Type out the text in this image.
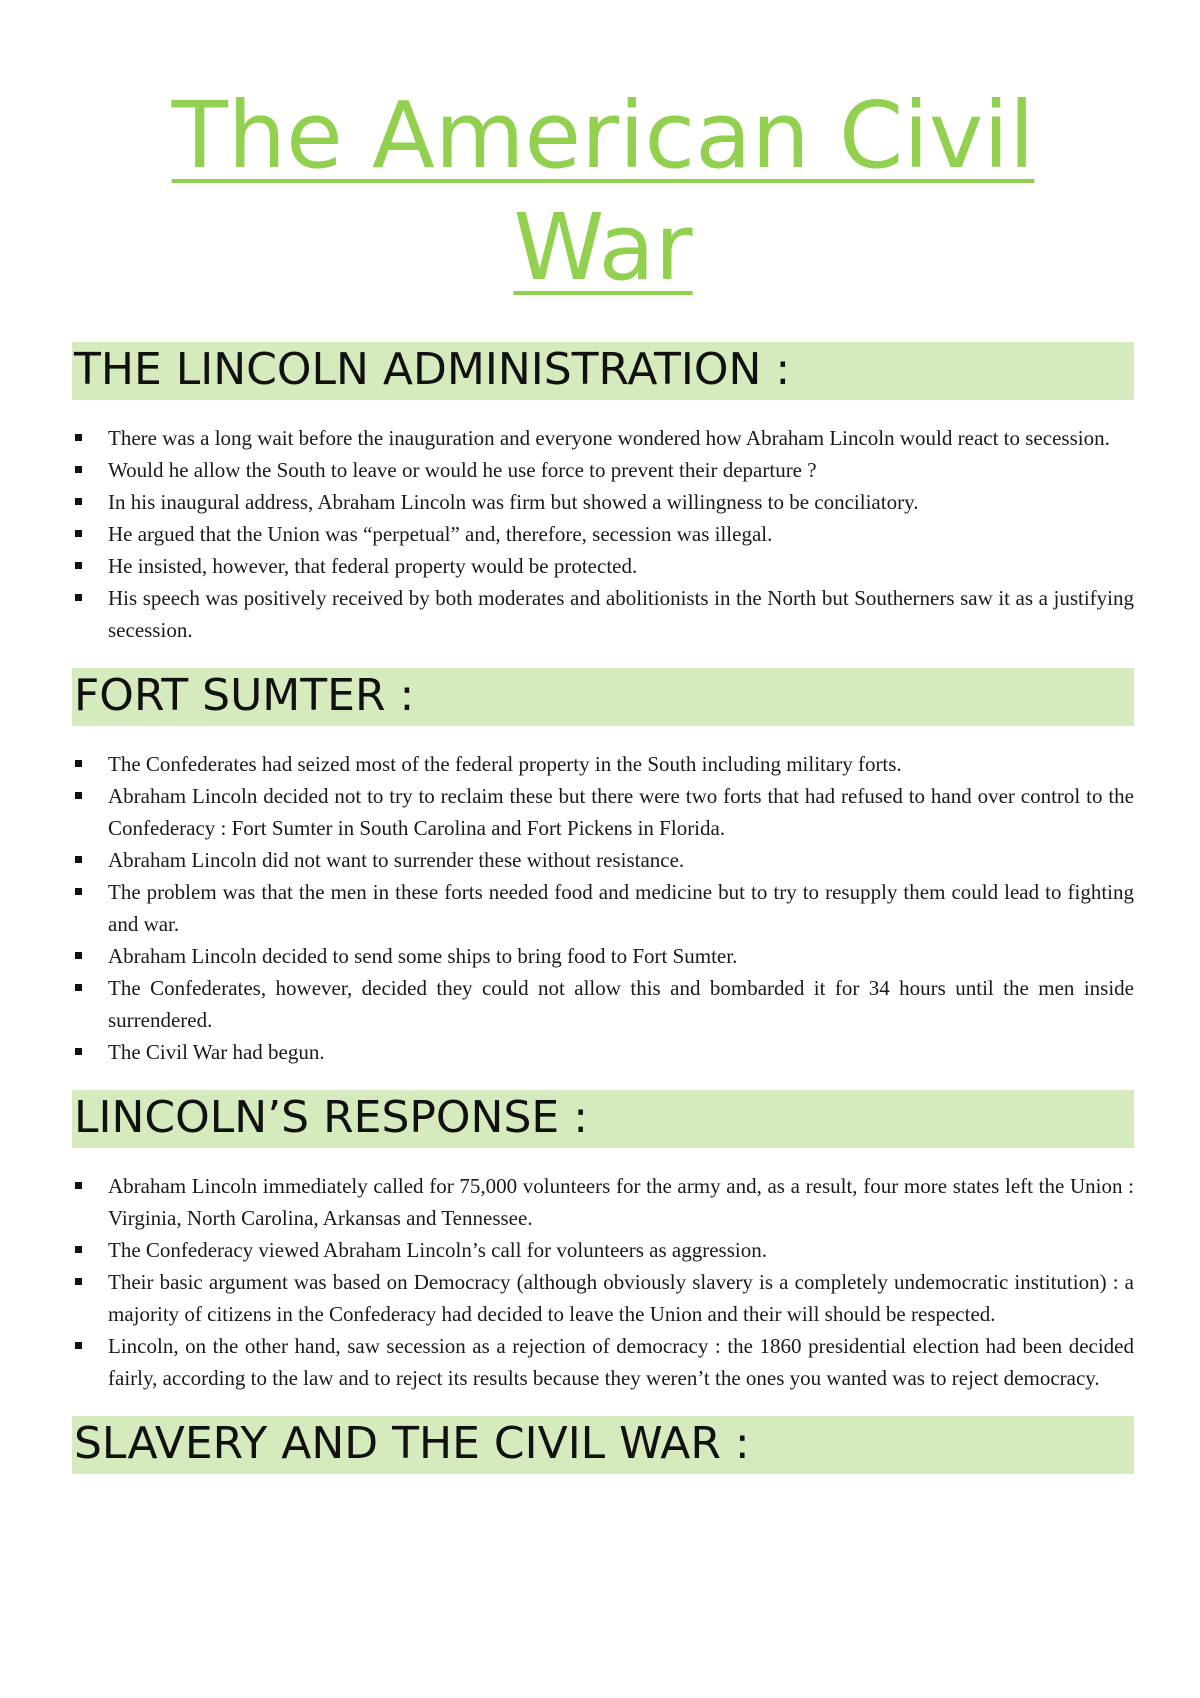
The American Civil War
THE LINCOLN ADMINISTRATION :
There was a long wait before the inauguration and everyone wondered how Abraham Lincoln would react to secession.
Would he allow the South to leave or would he use force to prevent their departure ?
In his inaugural address, Abraham Lincoln was firm but showed a willingness to be conciliatory.
He argued that the Union was “perpetual” and, therefore, secession was illegal.
He insisted, however, that federal property would be protected.
His speech was positively received by both moderates and abolitionists in the North but Southerners saw it as a justifying secession.
FORT SUMTER :
The Confederates had seized most of the federal property in the South including military forts.
Abraham Lincoln decided not to try to reclaim these but there were two forts that had refused to hand over control to the Confederacy : Fort Sumter in South Carolina and Fort Pickens in Florida.
Abraham Lincoln did not want to surrender these without resistance.
The problem was that the men in these forts needed food and medicine but to try to resupply them could lead to fighting and war.
Abraham Lincoln decided to send some ships to bring food to Fort Sumter.
The Confederates, however, decided they could not allow this and bombarded it for 34 hours until the men inside surrendered.
The Civil War had begun.
LINCOLN’S RESPONSE :
Abraham Lincoln immediately called for 75,000 volunteers for the army and, as a result, four more states left the Union : Virginia, North Carolina, Arkansas and Tennessee.
The Confederacy viewed Abraham Lincoln’s call for volunteers as aggression.
Their basic argument was based on Democracy (although obviously slavery is a completely undemocratic institution) : a majority of citizens in the Confederacy had decided to leave the Union and their will should be respected.
Lincoln, on the other hand, saw secession as a rejection of democracy : the 1860 presidential election had been decided fairly, according to the law and to reject its results because they weren’t the ones you wanted was to reject democracy.
SLAVERY AND THE CIVIL WAR :
